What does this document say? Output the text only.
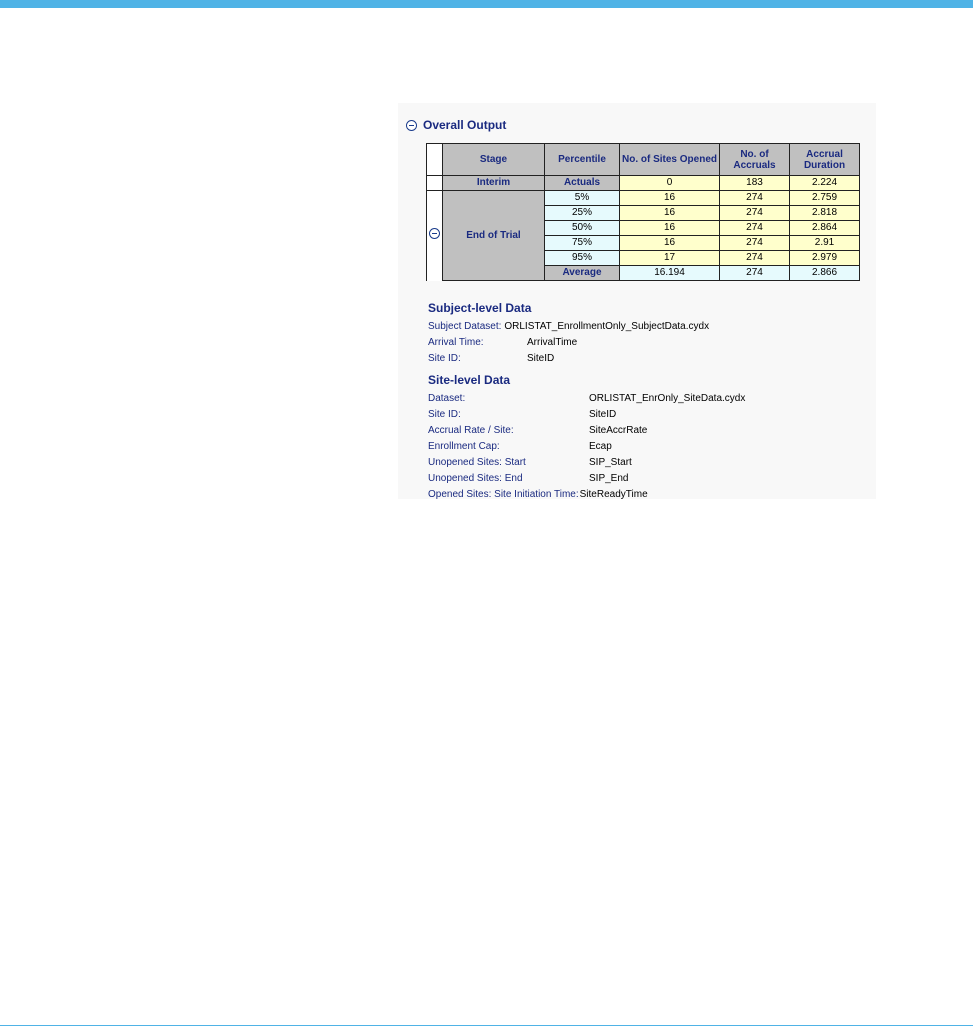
Overall Output
	Stage	Percentile	No. of Sites Opened	No. of Accruals	Accrual Duration
	Interim	Actuals	0	183	2.224
	End of Trial	5%	16	274	2.759
		25%	16	274	2.818
		50%	16	274	2.864
		75%	16	274	2.91
		95%	17	274	2.979
		Average	16.194	274	2.866
Subject-level Data
Subject Dataset: ORLISTAT_EnrollmentOnly_SubjectData.cydx
Arrival Time:	ArrivalTime
Site ID:	SiteID
Site-level Data
Dataset:	ORLISTAT_EnrOnly_SiteData.cydx
Site ID:	SiteID
Accrual Rate / Site:	SiteAccrRate
Enrollment Cap:	Ecap
Unopened Sites: Start	SIP_Start
Unopened Sites: End	SIP_End
Opened Sites: Site Initiation Time: SiteReadyTime
